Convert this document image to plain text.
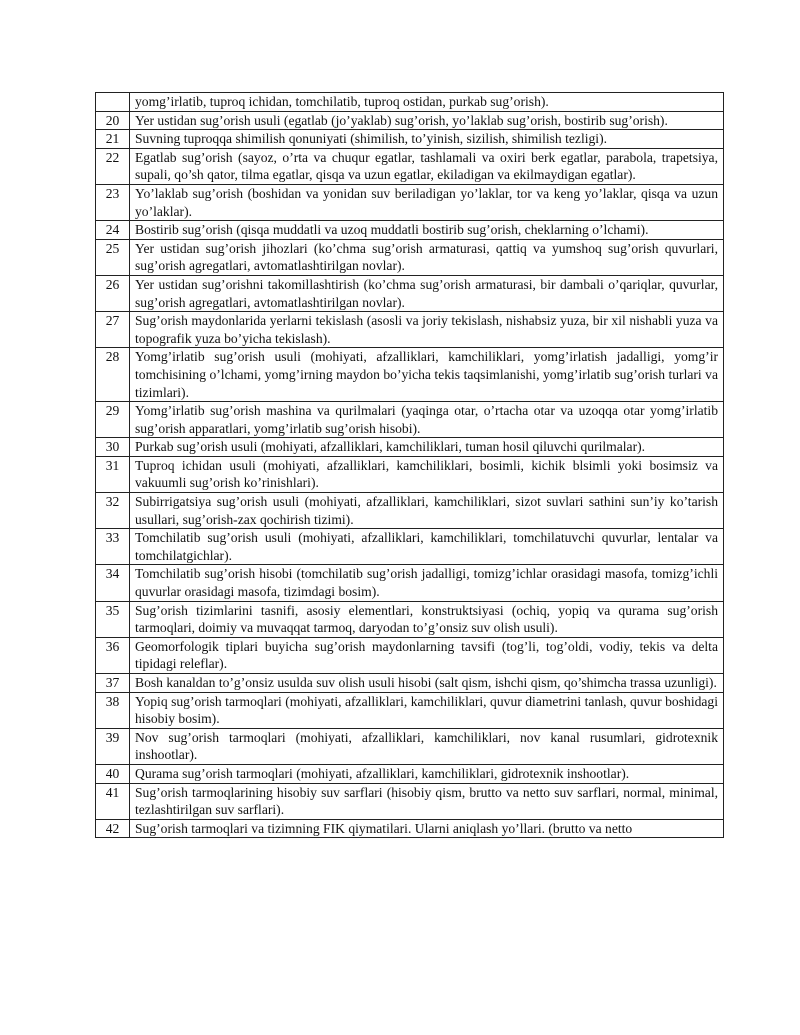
	yomg’irlatib, tuproq ichidan, tomchilatib, tuproq ostidan, purkab sug’orish).
20	Yer ustidan sug’orish usuli (egatlab (jo’yaklab) sug’orish, yo’laklab sug’orish, bostirib sug’orish).
21	Suvning tuproqqa shimilish qonuniyati (shimilish, to’yinish, sizilish, shimilish tezligi).
22	Egatlab sug’orish (sayoz, o’rta va chuqur egatlar, tashlamali va oxiri berk egatlar, parabola, trapetsiya, supali, qo’sh qator, tilma egatlar, qisqa va uzun egatlar, ekiladigan va ekilmaydigan egatlar).
23	Yo’laklab sug’orish (boshidan va yonidan suv beriladigan yo’laklar, tor va keng yo’laklar, qisqa va uzun yo’laklar).
24	Bostirib sug’orish (qisqa muddatli va uzoq muddatli bostirib sug’orish, cheklarning o’lchami).
25	Yer ustidan sug’orish jihozlari (ko’chma sug’orish armaturasi, qattiq va yumshoq sug’orish quvurlari, sug’orish agregatlari, avtomatlashtirilgan novlar).
26	Yer ustidan sug’orishni takomillashtirish (ko’chma sug’orish armaturasi, bir dambali o’qariqlar, quvurlar, sug’orish agregatlari, avtomatlashtirilgan novlar).
27	Sug’orish maydonlarida yerlarni tekislash (asosli va joriy tekislash, nishabsiz yuza, bir xil nishabli yuza va topografik yuza bo’yicha tekislash).
28	Yomg’irlatib sug’orish usuli (mohiyati, afzalliklari, kamchiliklari, yomg’irlatish jadalligi, yomg’ir tomchisining o’lchami, yomg’irning maydon bo’yicha tekis taqsimlanishi, yomg’irlatib sug’orish turlari va tizimlari).
29	Yomg’irlatib sug’orish mashina va qurilmalari (yaqinga otar, o’rtacha otar va uzoqqa otar yomg’irlatib sug’orish apparatlari, yomg’irlatib sug’orish hisobi).
30	Purkab sug’orish usuli (mohiyati, afzalliklari, kamchiliklari, tuman hosil qiluvchi qurilmalar).
31	Tuproq ichidan usuli (mohiyati, afzalliklari, kamchiliklari, bosimli, kichik blsimli yoki bosimsiz va vakuumli sug’orish ko’rinishlari).
32	Subirrigatsiya sug’orish usuli (mohiyati, afzalliklari, kamchiliklari, sizot suvlari sathini sun’iy ko’tarish usullari, sug’orish-zax qochirish tizimi).
33	Tomchilatib sug’orish usuli (mohiyati, afzalliklari, kamchiliklari, tomchilatuvchi quvurlar, lentalar va tomchilatgichlar).
34	Tomchilatib sug’orish hisobi (tomchilatib sug’orish jadalligi, tomizg’ichlar orasidagi masofa, tomizg’ichli quvurlar orasidagi masofa, tizimdagi bosim).
35	Sug’orish tizimlarini tasnifi, asosiy elementlari, konstruktsiyasi (ochiq, yopiq va qurama sug’orish tarmoqlari, doimiy va muvaqqat tarmoq, daryodan to’g’onsiz suv olish usuli).
36	Geomorfologik tiplari buyicha sug’orish maydonlarning tavsifi (tog’li, tog’oldi, vodiy, tekis va delta tipidagi releflar).
37	Bosh kanaldan to’g’onsiz usulda suv olish usuli hisobi (salt qism, ishchi qism, qo’shimcha trassa uzunligi).
38	Yopiq sug’orish tarmoqlari (mohiyati, afzalliklari, kamchiliklari, quvur diametrini tanlash, quvur boshidagi hisobiy bosim).
39	Nov sug’orish tarmoqlari (mohiyati, afzalliklari, kamchiliklari, nov kanal rusumlari, gidrotexnik inshootlar).
40	Qurama sug’orish tarmoqlari (mohiyati, afzalliklari, kamchiliklari, gidrotexnik inshootlar).
41	Sug’orish tarmoqlarining hisobiy suv sarflari (hisobiy qism, brutto va netto suv sarflari, normal, minimal, tezlashtirilgan suv sarflari).
42	Sug’orish tarmoqlari va tizimning FIK qiymatilari. Ularni aniqlash yo’llari. (brutto va netto
